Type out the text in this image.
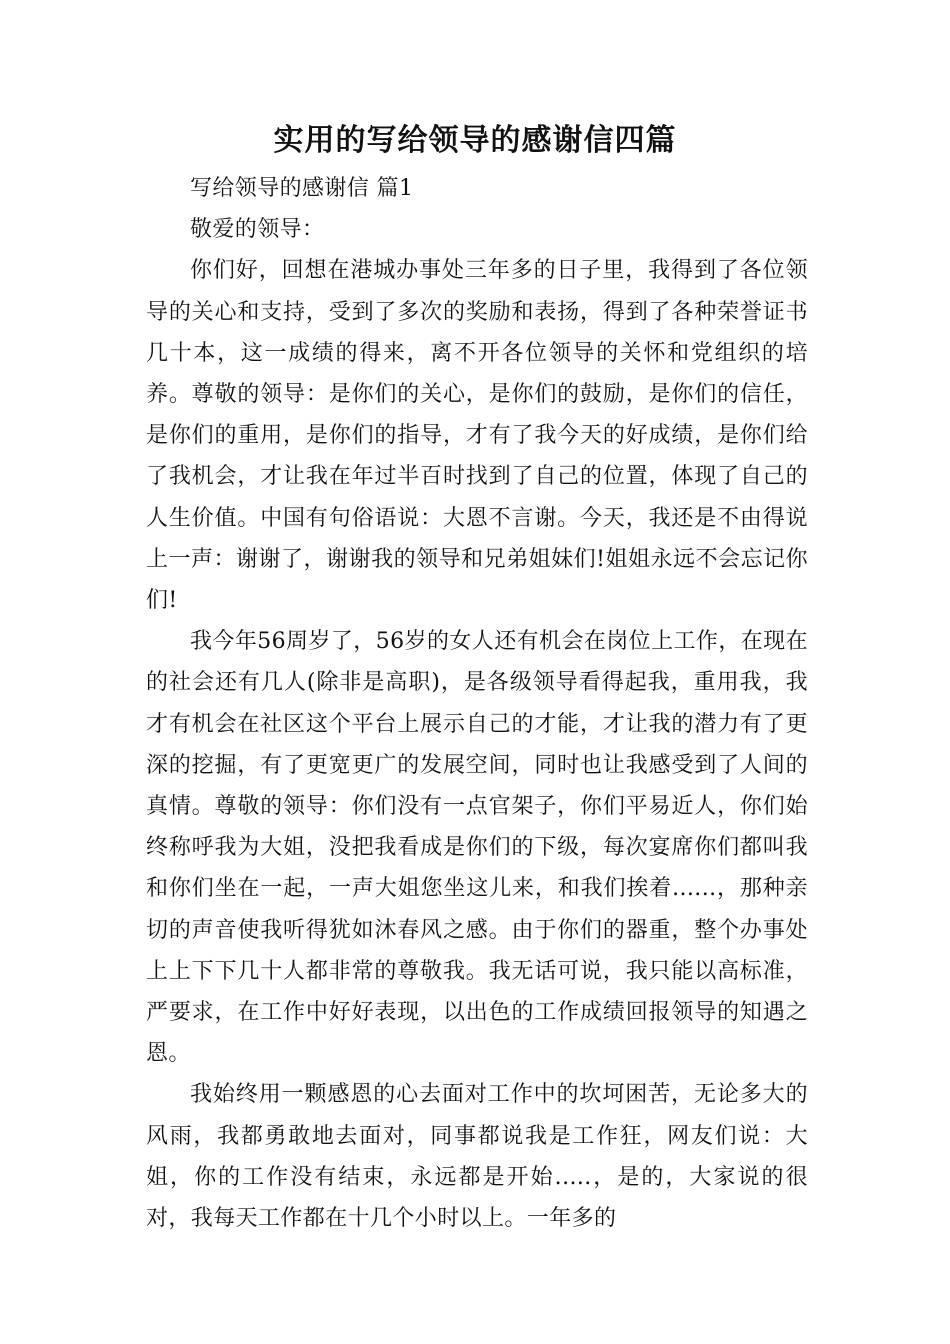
实用的写给领导的感谢信四篇

写给领导的感谢信 篇1

敬爱的领导：

你们好，回想在港城办事处三年多的日子里，我得到了各位领导的关心和支持，受到了多次的奖励和表扬，得到了各种荣誉证书几十本，这一成绩的得来，离不开各位领导的关怀和党组织的培养。尊敬的领导：是你们的关心，是你们的鼓励，是你们的信任，是你们的重用，是你们的指导，才有了我今天的好成绩，是你们给了我机会，才让我在年过半百时找到了自己的位置，体现了自己的人生价值。中国有句俗语说：大恩不言谢。今天，我还是不由得说上一声：谢谢了，谢谢我的领导和兄弟姐妹们!姐姐永远不会忘记你们!

我今年56周岁了，56岁的女人还有机会在岗位上工作，在现在的社会还有几人(除非是高职)，是各级领导看得起我，重用我，我才有机会在社区这个平台上展示自己的才能，才让我的潜力有了更深的挖掘，有了更宽更广的发展空间，同时也让我感受到了人间的真情。尊敬的领导：你们没有一点官架子，你们平易近人，你们始终称呼我为大姐，没把我看成是你们的下级，每次宴席你们都叫我和你们坐在一起，一声大姐您坐这儿来，和我们挨着......，那种亲切的声音使我听得犹如沐春风之感。由于你们的器重，整个办事处上上下下几十人都非常的尊敬我。我无话可说，我只能以高标准，严要求，在工作中好好表现，以出色的工作成绩回报领导的知遇之恩。

我始终用一颗感恩的心去面对工作中的坎坷困苦，无论多大的风雨，我都勇敢地去面对，同事都说我是工作狂，网友们说：大姐，你的工作没有结束，永远都是开始.....，是的，大家说的很对，我每天工作都在十几个小时以上。一年多的
